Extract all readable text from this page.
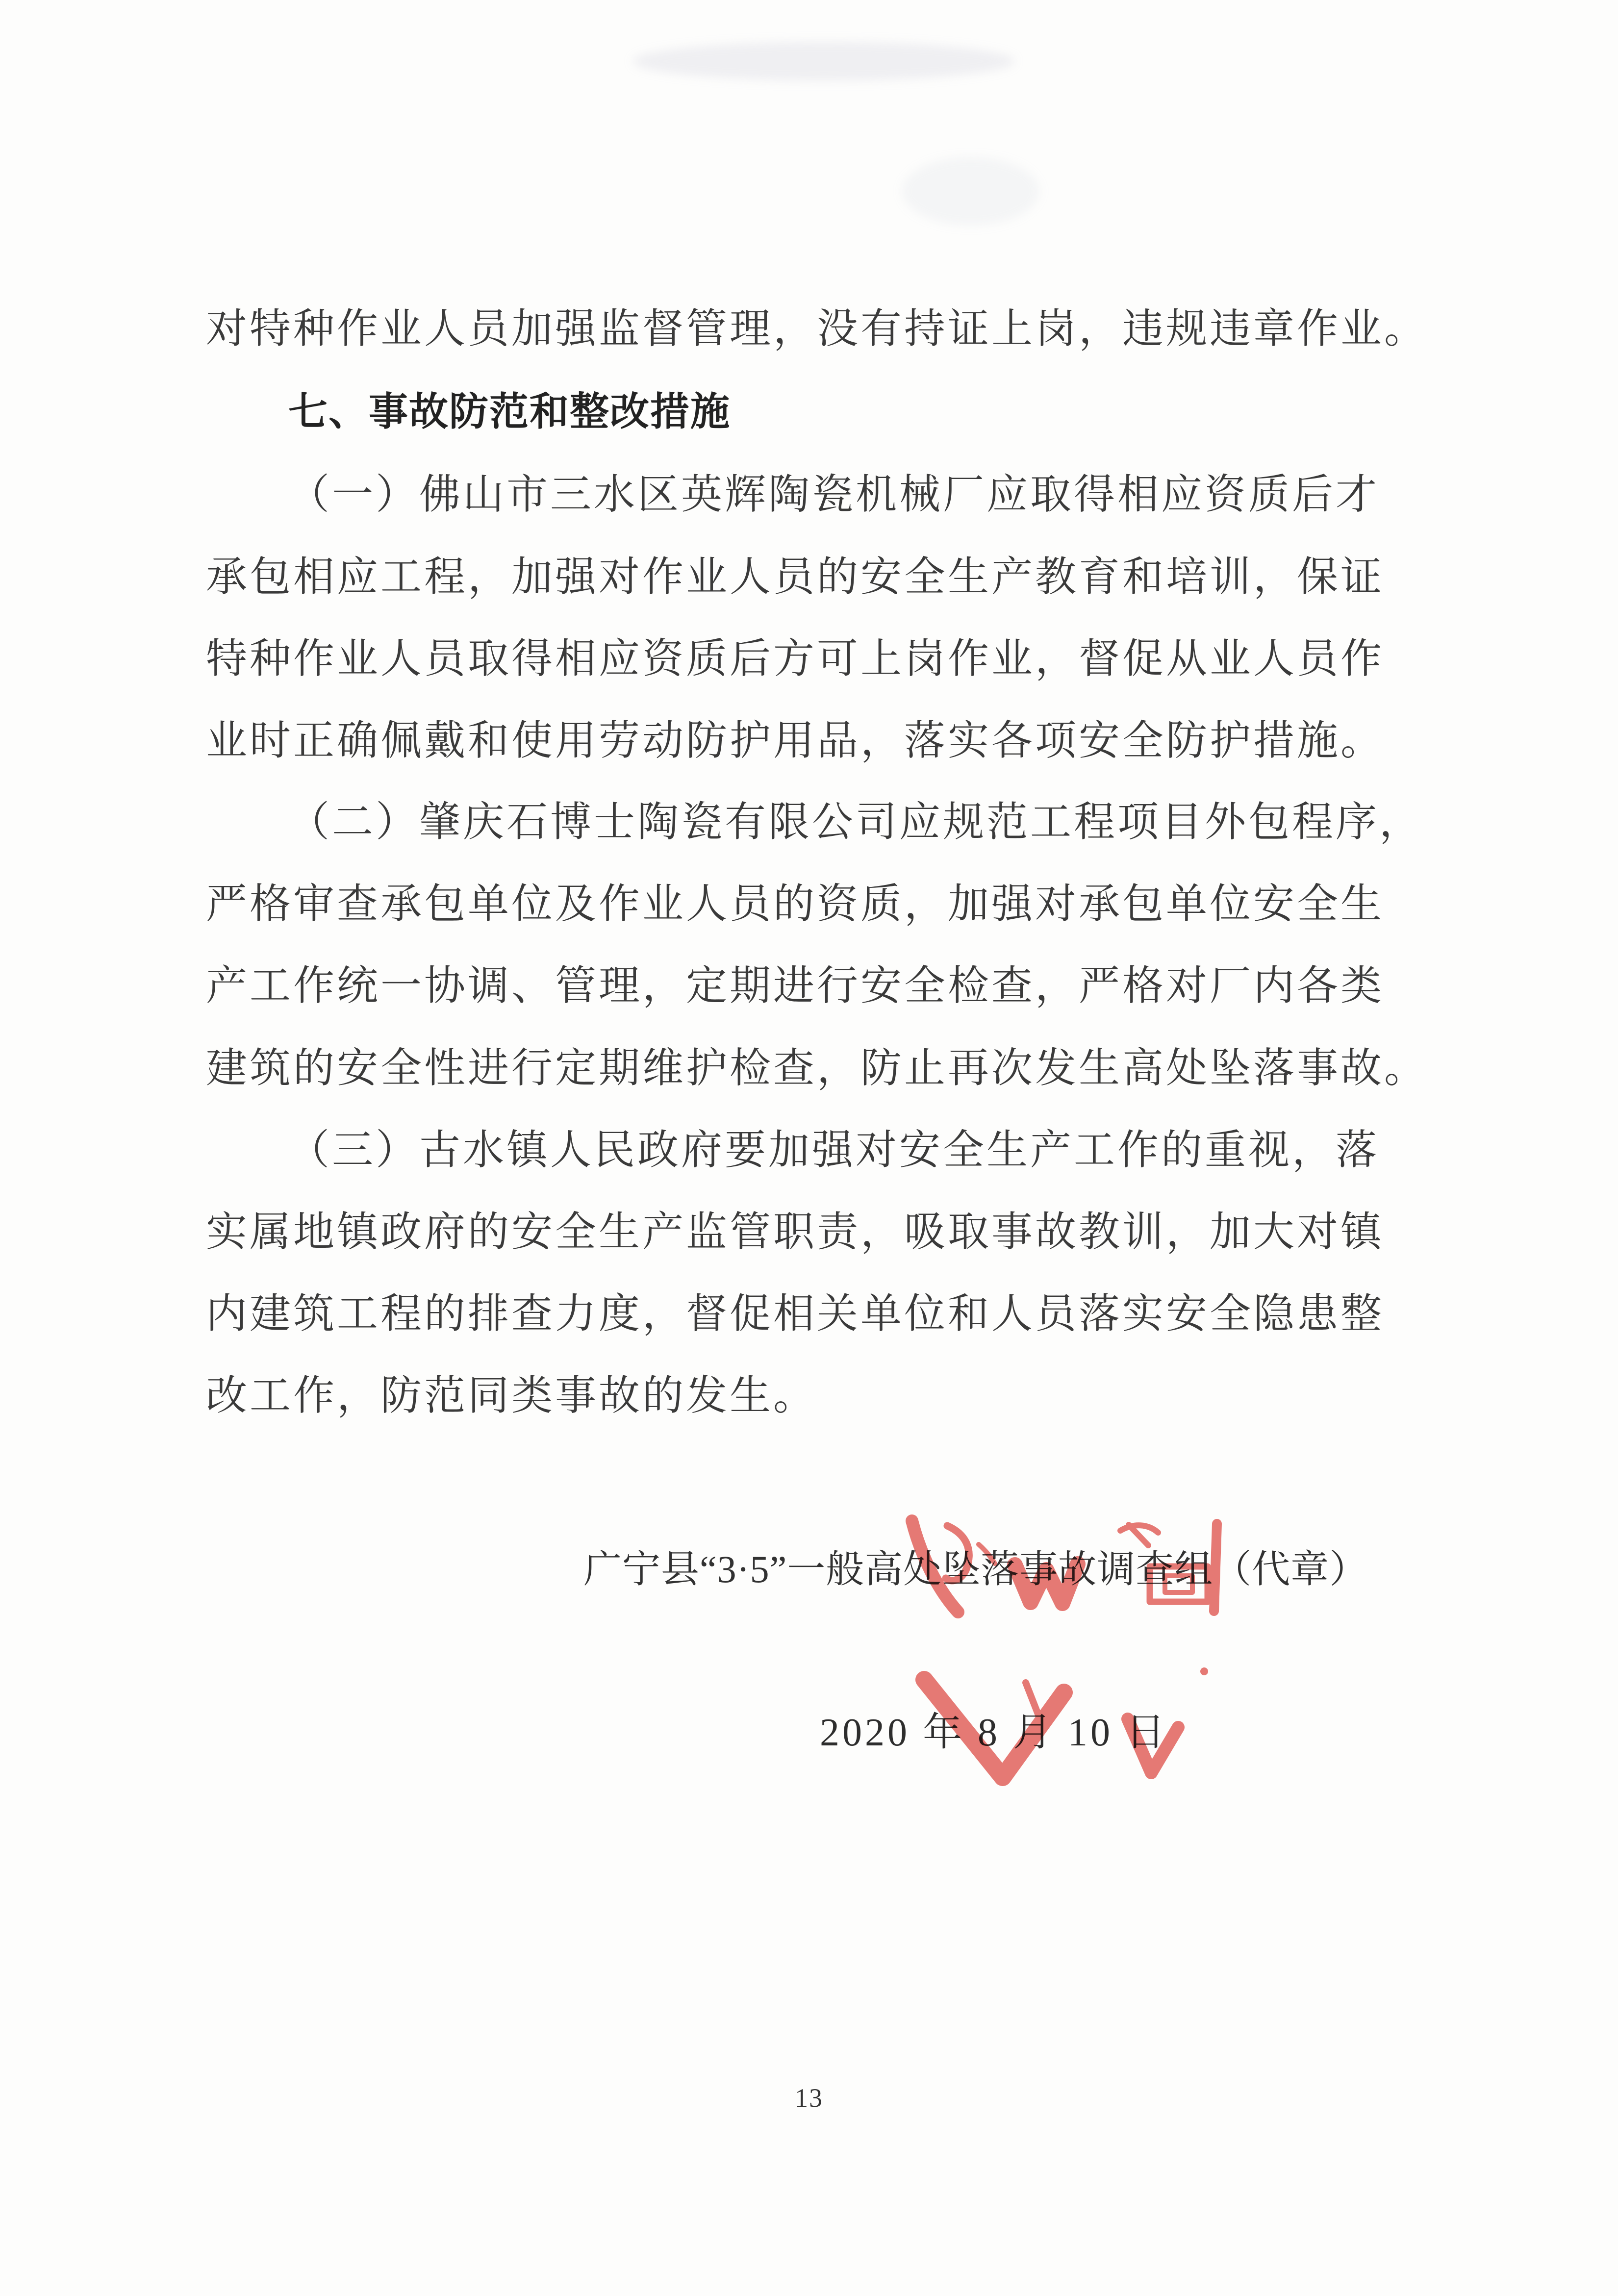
对特种作业人员加强监督管理，没有持证上岗，违规违章作业。
七、事故防范和整改措施
（一）佛山市三水区英辉陶瓷机械厂应取得相应资质后才
承包相应工程，加强对作业人员的安全生产教育和培训，保证
特种作业人员取得相应资质后方可上岗作业，督促从业人员作
业时正确佩戴和使用劳动防护用品，落实各项安全防护措施。
（二）肇庆石博士陶瓷有限公司应规范工程项目外包程序，
严格审查承包单位及作业人员的资质，加强对承包单位安全生
产工作统一协调、管理，定期进行安全检查，严格对厂内各类
建筑的安全性进行定期维护检查，防止再次发生高处坠落事故。
（三）古水镇人民政府要加强对安全生产工作的重视，落
实属地镇政府的安全生产监管职责，吸取事故教训，加大对镇
内建筑工程的排查力度，督促相关单位和人员落实安全隐患整
改工作，防范同类事故的发生。
广宁县“3·5”一般高处坠落事故调查组（代章）
2020 年 8 月 10 日
13
